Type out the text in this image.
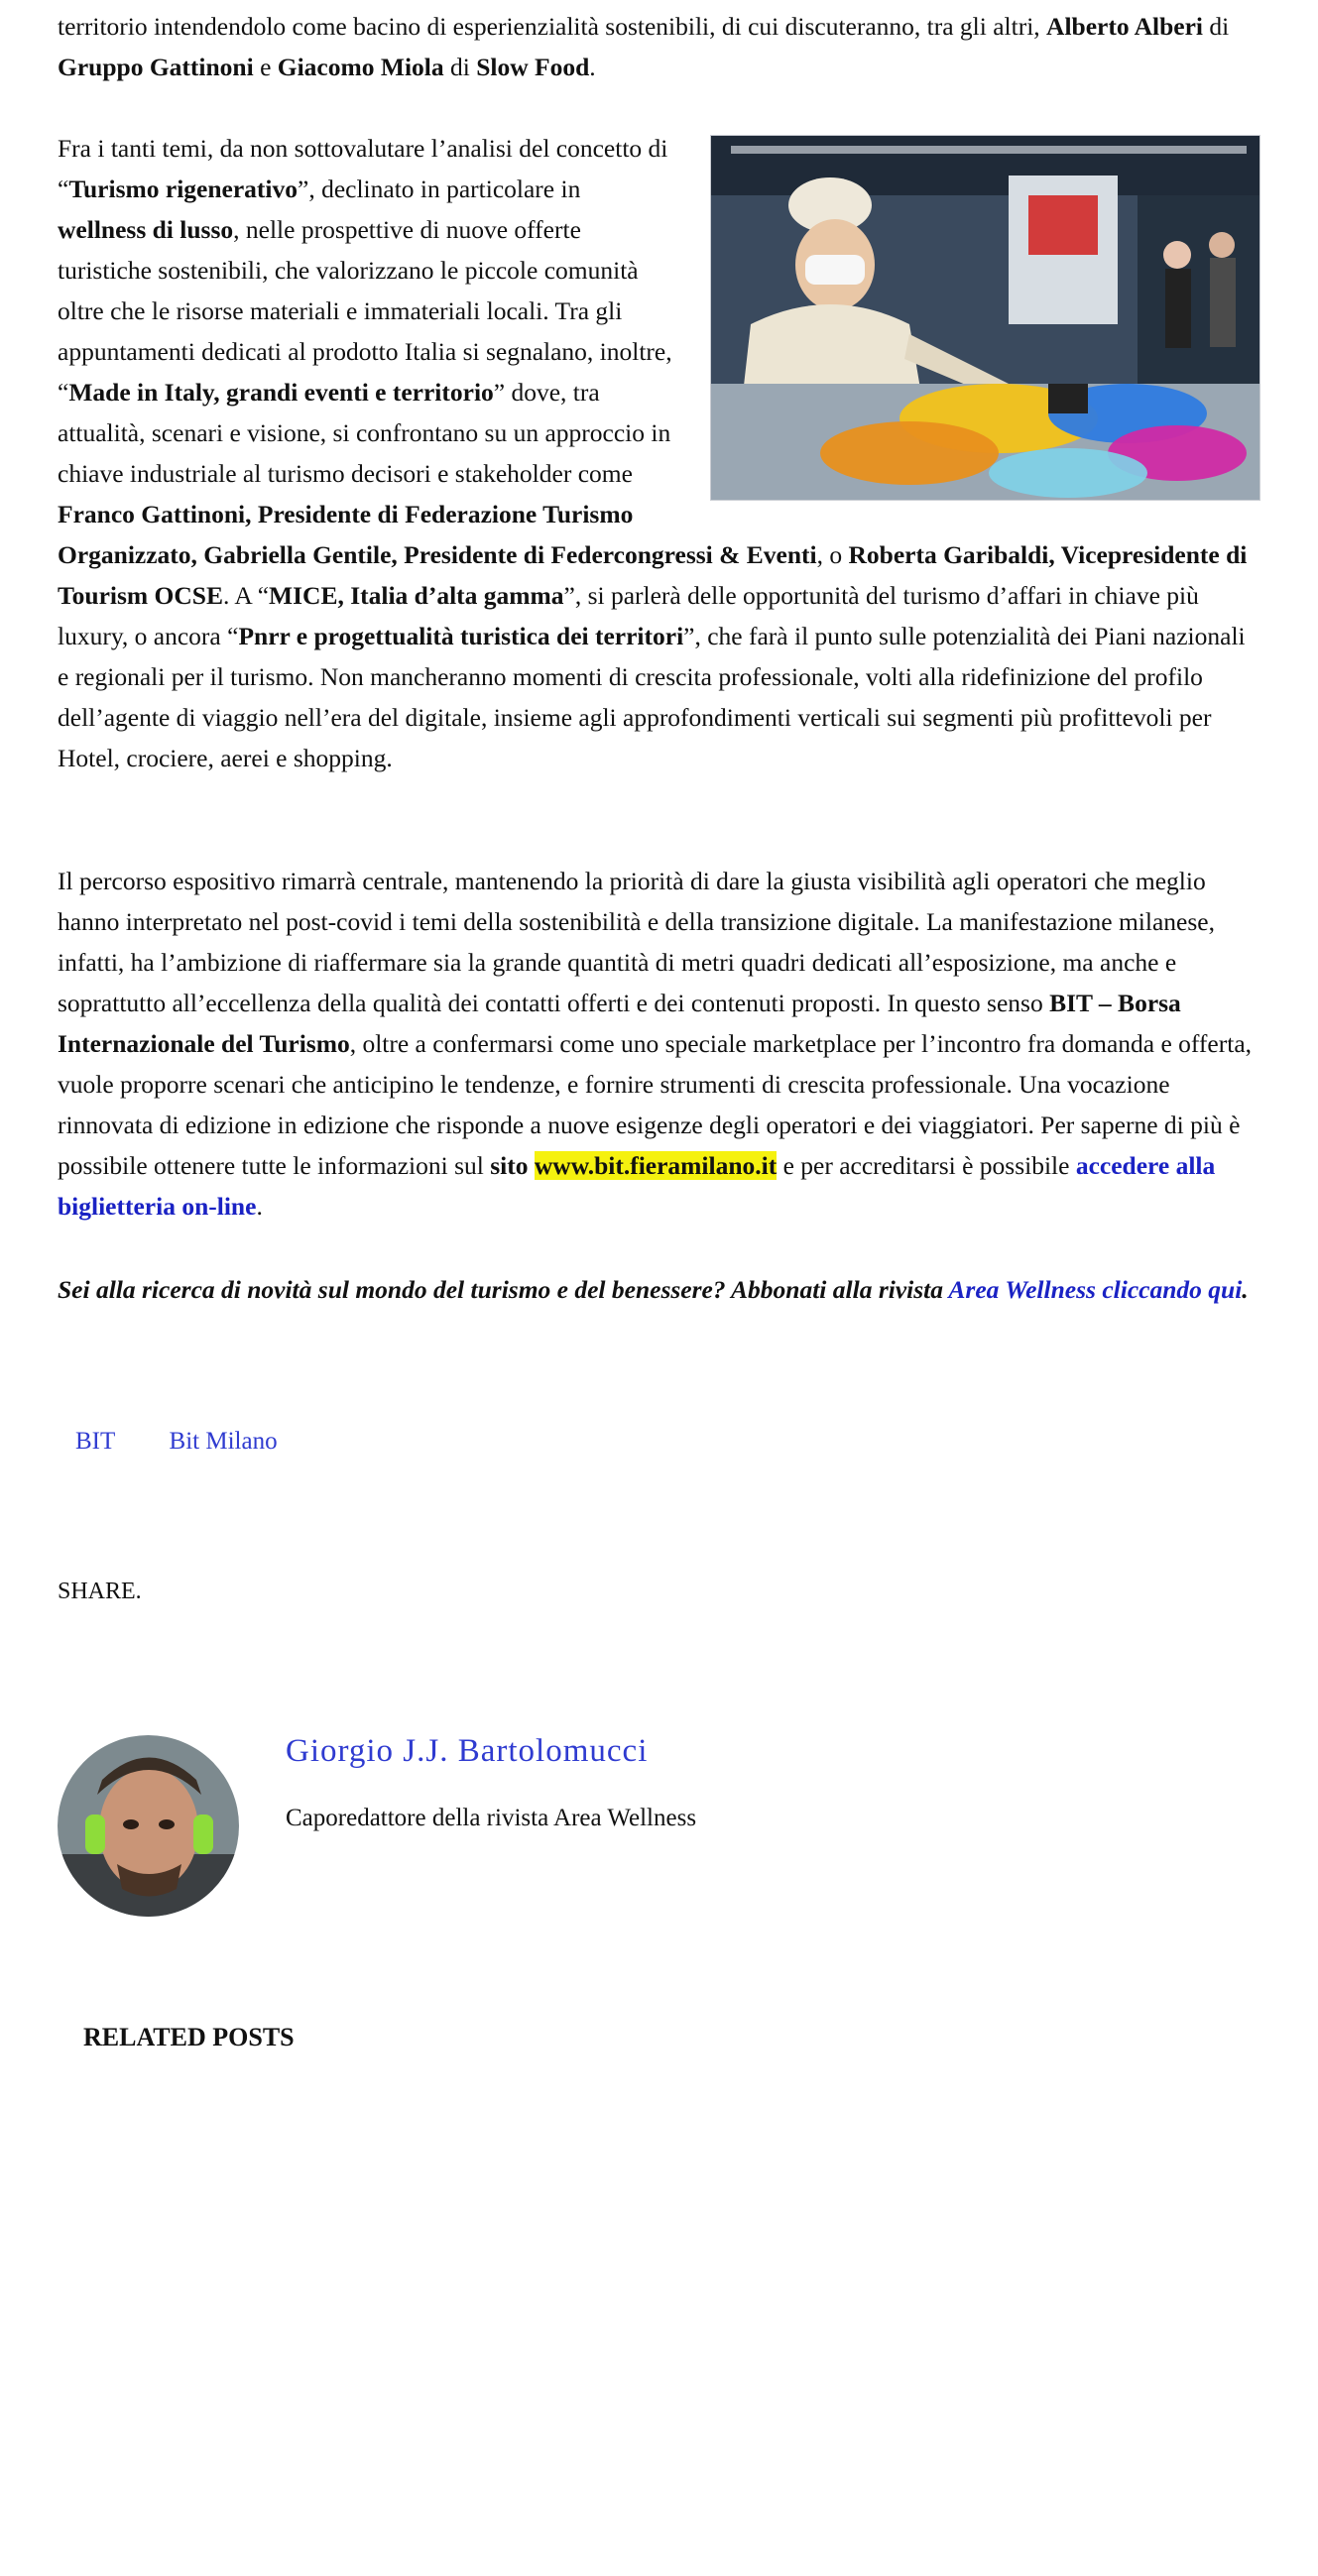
territorio intendendolo come bacino di esperienzialità sostenibili, di cui discuteranno, tra gli altri, Alberto Alberi di Gruppo Gattinoni e Giacomo Miola di Slow Food.

Fra i tanti temi, da non sottovalutare l’analisi del concetto di “Turismo rigenerativo”, declinato in particolare in wellness di lusso, nelle prospettive di nuove offerte turistiche sostenibili, che valorizzano le piccole comunità oltre che le risorse materiali e immateriali locali. Tra gli appuntamenti dedicati al prodotto Italia si segnalano, inoltre, “Made in Italy, grandi eventi e territorio” dove, tra attualità, scenari e visione, si confrontano su un approccio in chiave industriale al turismo decisori e stakeholder come Franco Gattinoni, Presidente di Federazione Turismo Organizzato, Gabriella Gentile, Presidente di Federcongressi & Eventi, o Roberta Garibaldi, Vicepresidente di Tourism OCSE. A “MICE, Italia d’alta gamma”, si parlerà delle opportunità del turismo d’affari in chiave più luxury, o ancora “Pnrr e progettualità turistica dei territori”, che farà il punto sulle potenzialità dei Piani nazionali e regionali per il turismo. Non mancheranno momenti di crescita professionale, volti alla ridefinizione del profilo dell’agente di viaggio nell’era del digitale, insieme agli approfondimenti verticali sui segmenti più profittevoli per Hotel, crociere, aerei e shopping.

Il percorso espositivo rimarrà centrale, mantenendo la priorità di dare la giusta visibilità agli operatori che meglio hanno interpretato nel post-covid i temi della sostenibilità e della transizione digitale. La manifestazione milanese, infatti, ha l’ambizione di riaffermare sia la grande quantità di metri quadri dedicati all’esposizione, ma anche e soprattutto all’eccellenza della qualità dei contatti offerti e dei contenuti proposti. In questo senso BIT – Borsa Internazionale del Turismo, oltre a confermarsi come uno speciale marketplace per l’incontro fra domanda e offerta, vuole proporre scenari che anticipino le tendenze, e fornire strumenti di crescita professionale. Una vocazione rinnovata di edizione in edizione che risponde a nuove esigenze degli operatori e dei viaggiatori. Per saperne di più è possibile ottenere tutte le informazioni sul sito www.bit.fieramilano.it e per accreditarsi è possibile accedere alla biglietteria on-line.

Sei alla ricerca di novità sul mondo del turismo e del benessere? Abbonati alla rivista Area Wellness cliccando qui.

BIT Bit Milano
SHARE.
Giorgio J.J. Bartolomucci
Caporedattore della rivista Area Wellness
RELATED POSTS
